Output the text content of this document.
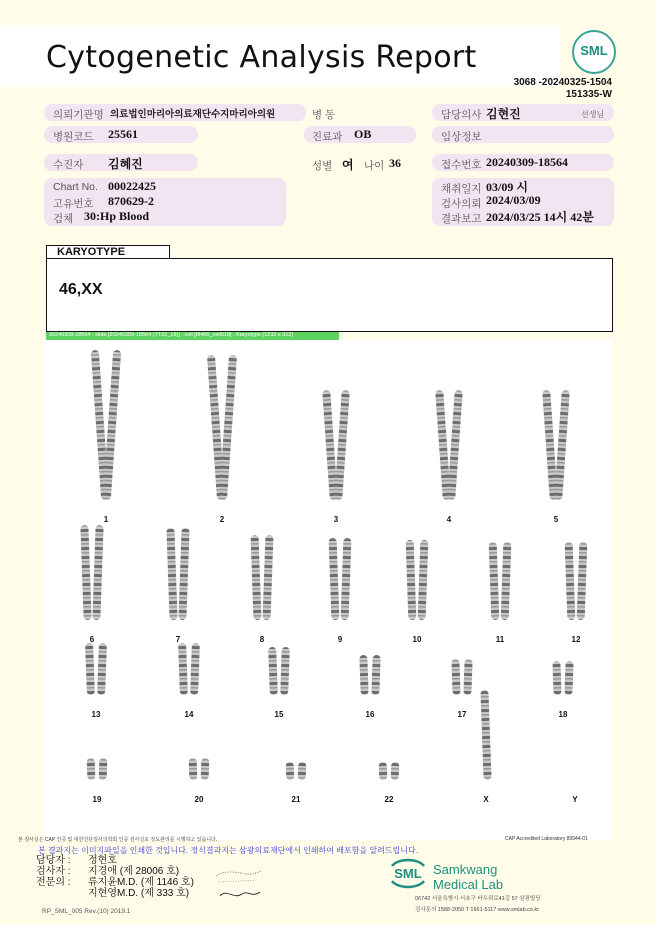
Cytogenetic Analysis Report	SML
3068 -20240325-1504
151335-W
의뢰기관명 의료법인마리아의료재단수지마리아의원	병 동	담당의사 김현진	선생님
병원코드 25561	진료과 OB	임상정보
수진자 김혜진	성별 여 나이 36	접수번호 20240309-18564
Chart No. 00022425
고유번호 870629-2
검체 30:Hp Blood
채취일지 03/09 시
검사의뢰 2024/03/09
결과보고 2024/03/25 14시 42분
KARYOTYPE
46,XX
20240309-18564 : slide [20240309-18564 (TT22_18)] : cell [M450_cell018] : Karyotype (1232 x 912)
1	2	3	4	5
6	7	8	9	10	11	12
13	14	15	16	17	18
19	20	21	22	X	Y
본 검사실은 CAP 인증 및 대한진단검사의학회 인증 검사실로 정도관리를 시행하고 있습니다.	CAP Accredited Laboratory 89944-01
본 결과지는 이미지파일을 인쇄한 것입니다. 정식결과지는 삼광의료재단에서 인쇄하여 배포함을 알려드립니다.
담당자 : 정현호
검사자 : 지경애 (제 28006 호)
전문의 : 류지윤M.D. (제 1146 호)
지현영M.D. (제 333 호)
RP_SML_005 Rev.(10) 2019.1
SML Samkwang
Medical Lab
06742 서울특별시 서초구 바우뫼로41길 57 삼광빌딩
검사문의 1588-2050 T 1661-5117 www.smlab.co.kr
